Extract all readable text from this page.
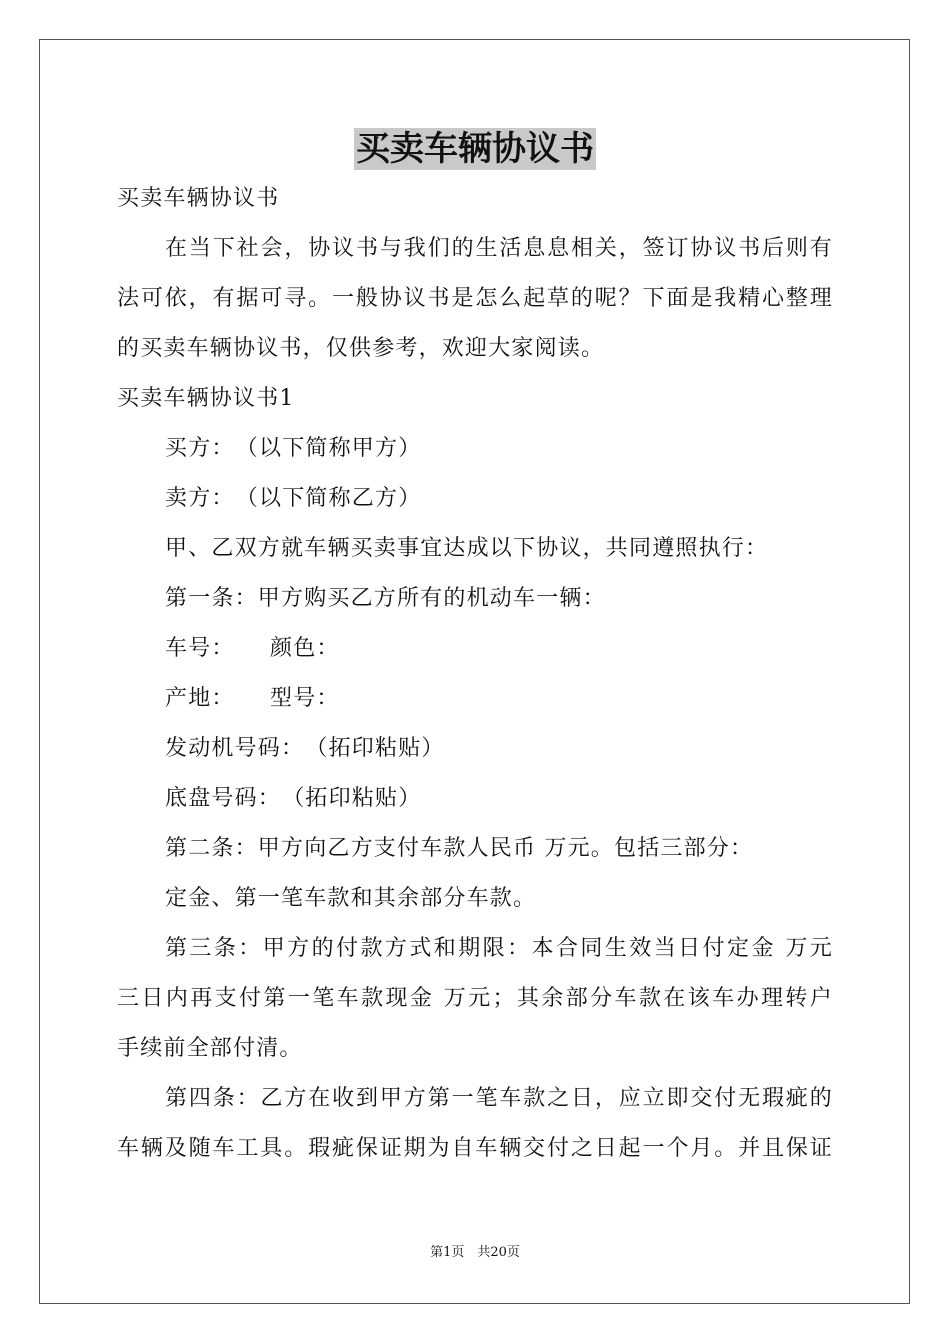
买卖车辆协议书
买卖车辆协议书
在当下社会，协议书与我们的生活息息相关，签订协议书后则有
法可依，有据可寻。一般协议书是怎么起草的呢？下面是我精心整理
的买卖车辆协议书，仅供参考，欢迎大家阅读。
买卖车辆协议书1
买方：　（以下简称甲方）
卖方：　（以下简称乙方）
甲、乙双方就车辆买卖事宜达成以下协议，共同遵照执行：
第一条：甲方购买乙方所有的机动车一辆：
车号：　　颜色：
产地：　　型号：
发动机号码：　（拓印粘贴）
底盘号码：　（拓印粘贴）
第二条：甲方向乙方支付车款人民币 万元。包括三部分：
定金、第一笔车款和其余部分车款。
第三条：甲方的付款方式和期限：本合同生效当日付定金 万元
三日内再支付第一笔车款现金 万元；其余部分车款在该车办理转户
手续前全部付清。
第四条：乙方在收到甲方第一笔车款之日，应立即交付无瑕疵的
车辆及随车工具。瑕疵保证期为自车辆交付之日起一个月。并且保证
第1页　共20页
